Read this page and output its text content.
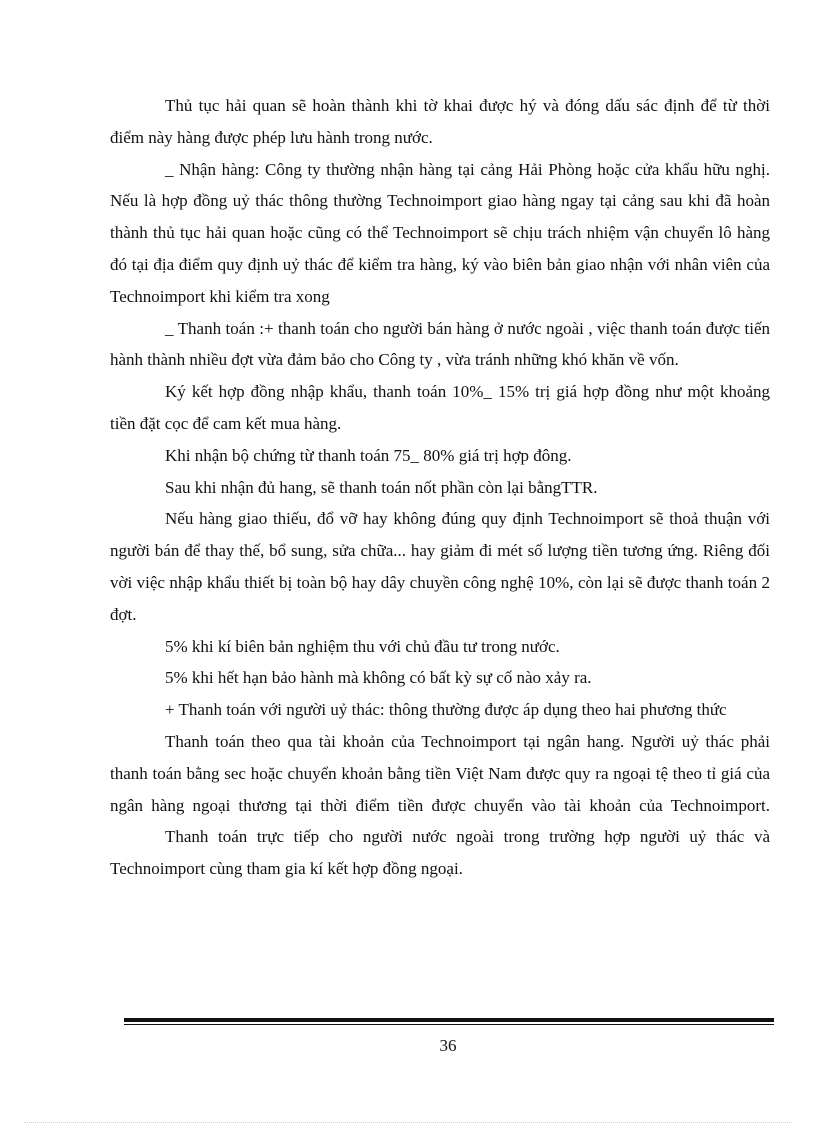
Thủ tục hải quan sẽ hoàn thành khi tờ khai được hý và đóng dấu sác định để từ thời điểm này hàng được phép lưu hành trong nước.

_ Nhận hàng: Công ty thường nhận hàng tại cảng Hải Phòng hoặc cửa khẩu hữu nghị. Nếu là hợp đồng uỷ thác thông thường Technoimport giao hàng ngay tại cảng sau khi đã hoàn thành thủ tục hải quan hoặc cũng có thể Technoimport sẽ chịu trách nhiệm vận chuyển lô hàng đó tại địa điểm quy định uỷ thác để kiểm tra hàng, ký vào biên bản giao nhận với nhân viên của Technoimport khi kiểm tra xong

_ Thanh toán :+ thanh toán cho người bán hàng ở nước ngoài , việc thanh toán được tiến hành thành nhiều đợt vừa đảm bảo cho Công ty , vừa tránh những khó khăn về vốn.

Ký kết hợp đồng nhập khẩu, thanh toán 10%_ 15% trị giá hợp đồng như một khoảng tiền đặt cọc để cam kết mua hàng.

Khi nhận bộ chứng từ thanh toán 75_ 80% giá trị hợp đông.

Sau khi nhận đủ hang, sẽ thanh toán nốt phần còn lại bằngTTR.

Nếu hàng giao thiếu, đổ vỡ hay không đúng quy định Technoimport sẽ thoả thuận với người bán để thay thế, bổ sung, sửa chữa... hay giảm đi mét số lượng tiền tương ứng. Riêng đối vời việc nhập khẩu thiết bị toàn bộ hay dây chuyền công nghệ 10%, còn lại sẽ được thanh toán 2 đợt.

5% khi kí biên bản nghiệm thu với chủ đầu tư trong nước.

5% khi hết hạn bảo hành mà không có bất kỳ sự cố nào xảy ra.

+ Thanh toán với người uỷ thác: thông thường được áp dụng theo hai phương thức

Thanh toán theo qua tài khoản của Technoimport tại ngân hang. Người uỷ thác phải thanh toán bằng sec hoặc chuyển khoản bằng tiền Việt Nam được quy ra ngoại tệ theo tỉ giá của ngân hàng ngoại thương tại thời điểm tiền được chuyển vào tài khoản của Technoimport.

Thanh toán trực tiếp cho người nước ngoài trong trường hợp người uỷ thác và Technoimport cùng tham gia kí kết hợp đồng ngoại.

36
